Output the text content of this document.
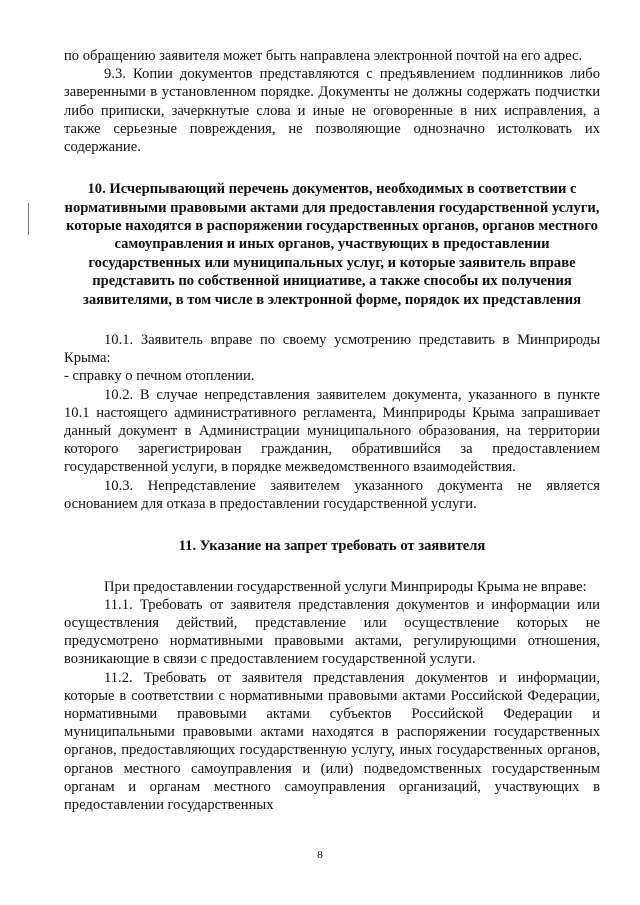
по обращению заявителя может быть направлена электронной почтой на его адрес.

9.3. Копии документов представляются с предъявлением подлинников либо заверенными в установленном порядке. Документы не должны содержать подчистки либо приписки, зачеркнутые слова и иные не оговоренные в них исправления, а также серьезные повреждения, не позволяющие однозначно истолковать их содержание.

10. Исчерпывающий перечень документов, необходимых в соответствии с нормативными правовыми актами для предоставления государственной услуги, которые находятся в распоряжении государственных органов, органов местного самоуправления и иных органов, участвующих в предоставлении государственных или муниципальных услуг, и которые заявитель вправе представить по собственной инициативе, а также способы их получения заявителями, в том числе в электронной форме, порядок их представления

10.1. Заявитель вправе по своему усмотрению представить в Минприроды Крыма:

- справку о печном отоплении.

10.2. В случае непредставления заявителем документа, указанного в пункте 10.1 настоящего административного регламента, Минприроды Крыма запрашивает данный документ в Администрации муниципального образования, на территории которого зарегистрирован гражданин, обратившийся за предоставлением государственной услуги, в порядке межведомственного взаимодействия.

10.3. Непредставление заявителем указанного документа не является основанием для отказа в предоставлении государственной услуги.

11. Указание на запрет требовать от заявителя

При предоставлении государственной услуги Минприроды Крыма не вправе:

11.1. Требовать от заявителя представления документов и информации или осуществления действий, представление или осуществление которых не предусмотрено нормативными правовыми актами, регулирующими отношения, возникающие в связи с предоставлением государственной услуги.

11.2. Требовать от заявителя представления документов и информации, которые в соответствии с нормативными правовыми актами Российской Федерации, нормативными правовыми актами субъектов Российской Федерации и муниципальными правовыми актами находятся в распоряжении государственных органов, предоставляющих государственную услугу, иных государственных органов, органов местного самоуправления и (или) подведомственных государственным органам и органам местного самоуправления организаций, участвующих в предоставлении государственных

8
